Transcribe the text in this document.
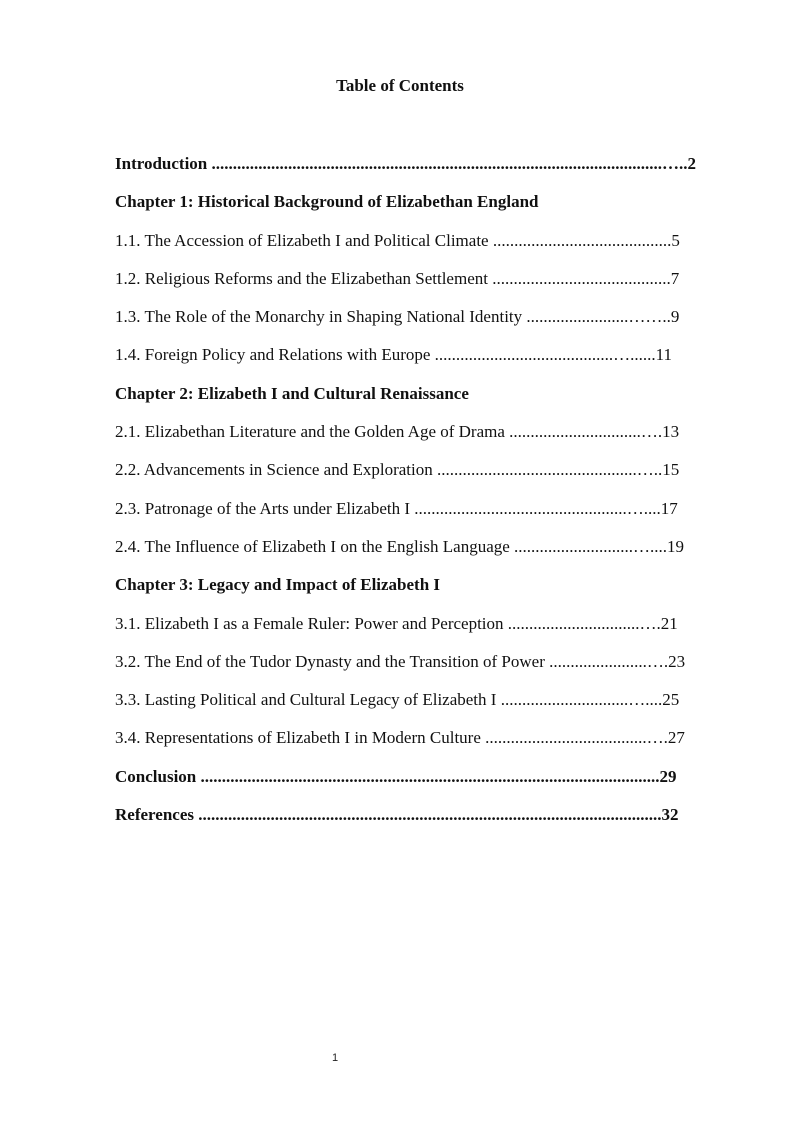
Table of Contents
Introduction ..........................................................................................................…..2
Chapter 1: Historical Background of Elizabethan England
1.1. The Accession of Elizabeth I and Political Climate ..........................................5
1.2. Religious Reforms and the Elizabethan Settlement ..........................................7
1.3. The Role of the Monarchy in Shaping National Identity ........................……..9
1.4. Foreign Policy and Relations with Europe ..........................................…......11
Chapter 2: Elizabeth I and Cultural Renaissance
2.1. Elizabethan Literature and the Golden Age of Drama ...............................….13
2.2. Advancements in Science and Exploration ...............................................…..15
2.3. Patronage of the Arts under Elizabeth I ..................................................…....17
2.4. The Influence of Elizabeth I on the English Language ............................…....19
Chapter 3: Legacy and Impact of Elizabeth I
3.1. Elizabeth I as a Female Ruler: Power and Perception ...............................….21
3.2. The End of the Tudor Dynasty and the Transition of Power .......................….23
3.3. Lasting Political and Cultural Legacy of Elizabeth I ..............................…....25
3.4. Representations of Elizabeth I in Modern Culture ......................................….27
Conclusion ............................................................................................................29
References .............................................................................................................32
1
